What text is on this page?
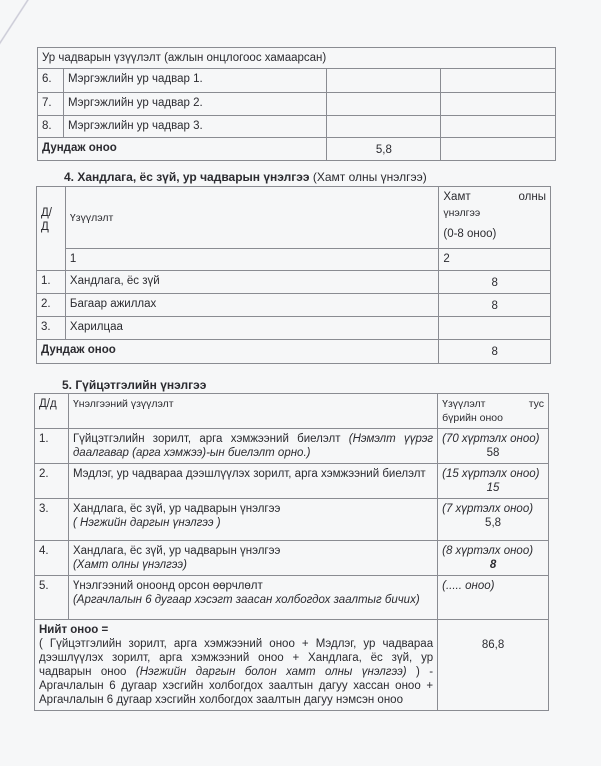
Ур чадварын үзүүлэлт (ажлын онцлогоос хамаарсан)			
6.	Мэргэжлийн ур чадвар 1.		
7.	Мэргэжлийн ур чадвар 2.		
8.	Мэргэжлийн ур чадвар 3.		
Дундаж оноо		5,8	
4. Хандлага, ёс зүй, ур чадварын үнэлгээ (Хамт олны үнэлгээ)
Д/ Д	Үзүүлэлт	Хамт олны
үнэлгээ
(0-8 оноо)

	1	2
1.	Хандлага, ёс зүй	8
2.	Багаар ажиллах	8
3.	Харилцаа	
Дундаж оноо		8
5. Гүйцэтгэлийн үнэлгээ
Д/д	Үнэлгээний үзүүлэлт	Үзүүлэлт тус
бүрийн оноо

1.	Гүйцэтгэлийн зорилт, арга хэмжээний биелэлт (Нэмэлт үүрэг даалгавар (арга хэмжээ)-ын биелэлт орно.)	(70 хүртэлх оноо)
58

2.	Мэдлэг, ур чадвараа дээшлүүлэх зорилт, арга хэмжээний биелэлт	(15 хүртэлх оноо)
15

3.	Хандлага, ёс зүй, ур чадварын үнэлгээ
( Нэгжийн даргын үнэлгээ )

(7 хүртэлх оноо)
5,8

4.	Хандлага, ёс зүй, ур чадварын үнэлгээ
(Хамт олны үнэлгээ)

(8 хүртэлх оноо)
8

5.	Үнэлгээний оноонд орсон өөрчлөлт
(Аргачлалын 6 дугаар хэсэгт заасан холбогдох заалтыг бичих)	(..... оноо)

Нийт оноо =
( Гүйцэтгэлийн зорилт, арга хэмжээний оноо + Мэдлэг, ур чадвараа дээшлүүлэх зорилт, арга хэмжээний оноо + Хандлага, ёс зүй, ур чадварын оноо (Нэгжийн даргын болон хамт олны үнэлгээ) ) - Аргачлалын 6 дугаар хэсгийн холбогдох заалтын дагуу хассан оноо + Аргачлалын 6 дугаар хэсгийн холбогдох заалтын дагуу нэмсэн оноо		86,8
